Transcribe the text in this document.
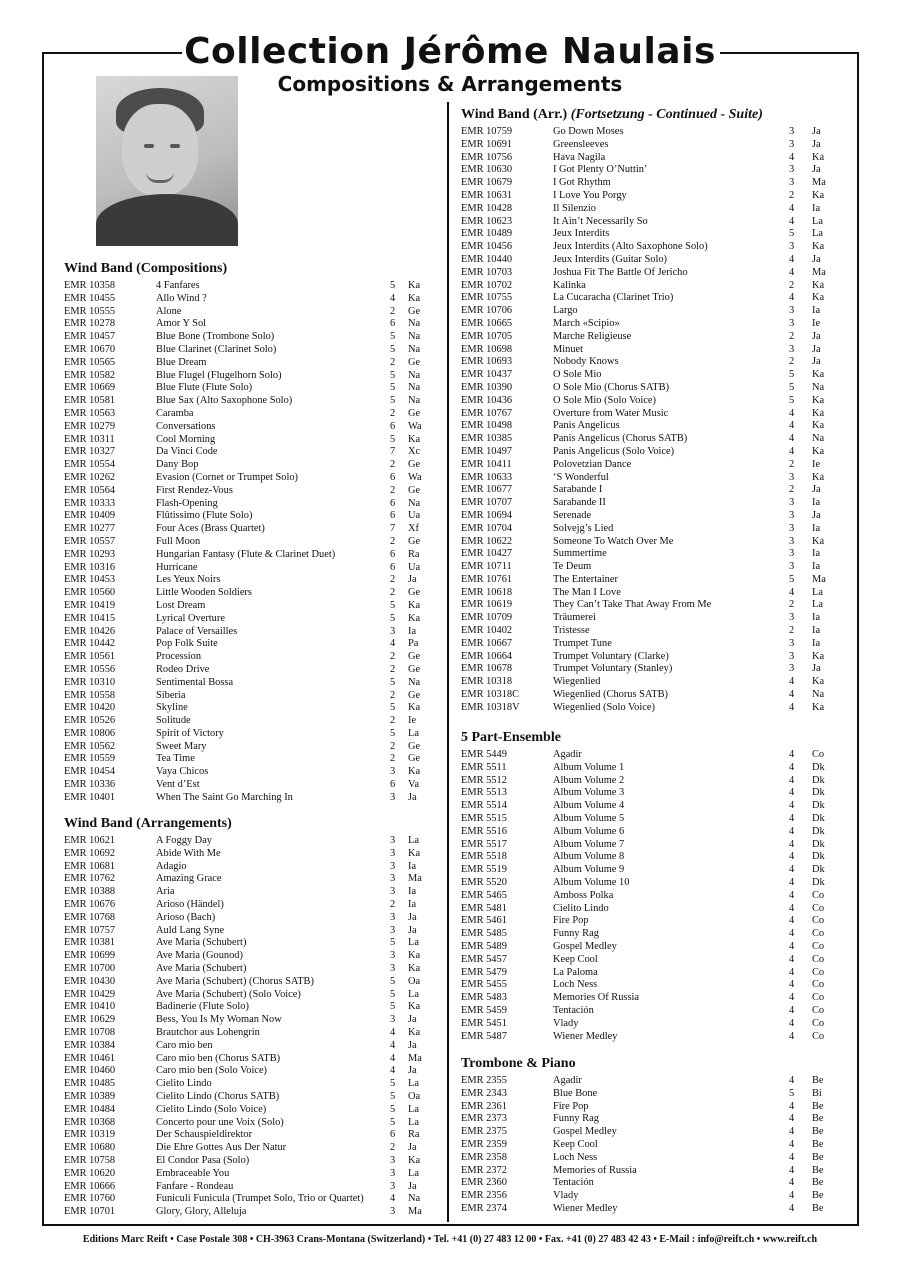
Collection Jérôme Naulais
Compositions & Arrangements
Wind Band (Compositions)
EMR 10358	4 Fanfares	5 Ka
EMR 10455	Allo Wind ?	4 Ka
EMR 10555	Alone	2 Ge
EMR 10278	Amor Y Sol	6 Na
EMR 10457	Blue Bone (Trombone Solo)	5 Na
EMR 10670	Blue Clarinet (Clarinet Solo)	5 Na
EMR 10565	Blue Dream	2 Ge
EMR 10582	Blue Flugel (Flugelhorn Solo)	5 Na
EMR 10669	Blue Flute (Flute Solo)	5 Na
EMR 10581	Blue Sax (Alto Saxophone Solo)	5 Na
EMR 10563	Caramba	2 Ge
EMR 10279	Conversations	6 Wa
EMR 10311	Cool Morning	5 Ka
EMR 10327	Da Vinci Code	7 Xc
EMR 10554	Dany Bop	2 Ge
EMR 10262	Evasion (Cornet or Trumpet Solo)	6 Wa
EMR 10564	First Rendez-Vous	2 Ge
EMR 10333	Flash-Opening	6 Na
EMR 10409	Flûtissimo (Flute Solo)	6 Ua
EMR 10277	Four Aces (Brass Quartet)	7 Xf
EMR 10557	Full Moon	2 Ge
EMR 10293	Hungarian Fantasy (Flute & Clarinet Duet)	6 Ra
EMR 10316	Hurricane	6 Ua
EMR 10453	Les Yeux Noirs	2 Ja
EMR 10560	Little Wooden Soldiers	2 Ge
EMR 10419	Lost Dream	5 Ka
EMR 10415	Lyrical Overture	5 Ka
EMR 10426	Palace of Versailles	3 Ia
EMR 10442	Pop Folk Suite	4 Pa
EMR 10561	Procession	2 Ge
EMR 10556	Rodeo Drive	2 Ge
EMR 10310	Sentimental Bossa	5 Na
EMR 10558	Siberia	2 Ge
EMR 10420	Skyline	5 Ka
EMR 10526	Solitude	2 Ie
EMR 10806	Spirit of Victory	5 La
EMR 10562	Sweet Mary	2 Ge
EMR 10559	Tea Time	2 Ge
EMR 10454	Vaya Chicos	3 Ka
EMR 10336	Vent d’Est	6 Va
EMR 10401	When The Saint Go Marching In	3 Ja
Wind Band (Arrangements)
EMR 10621	A Foggy Day	3 La
EMR 10692	Abide With Me	3 Ka
EMR 10681	Adagio	3 Ia
EMR 10762	Amazing Grace	3 Ma
EMR 10388	Aria	3 Ia
EMR 10676	Arioso (Händel)	2 Ia
EMR 10768	Arioso (Bach)	3 Ja
EMR 10757	Auld Lang Syne	3 Ja
EMR 10381	Ave Maria (Schubert)	5 La
EMR 10699	Ave Maria (Gounod)	3 Ka
EMR 10700	Ave Maria (Schubert)	3 Ka
EMR 10430	Ave Maria (Schubert) (Chorus SATB)	5 Oa
EMR 10429	Ave Maria (Schubert) (Solo Voice)	5 La
EMR 10410	Badinerie (Flute Solo)	5 Ka
EMR 10629	Bess, You Is My Woman Now	3 Ja
EMR 10708	Brautchor aus Lohengrin	4 Ka
EMR 10384	Caro mio ben	4 Ja
EMR 10461	Caro mio ben (Chorus SATB)	4 Ma
EMR 10460	Caro mio ben (Solo Voice)	4 Ja
EMR 10485	Cielito Lindo	5 La
EMR 10389	Cielito Lindo (Chorus SATB)	5 Oa
EMR 10484	Cielito Lindo (Solo Voice)	5 La
EMR 10368	Concerto pour une Voix (Solo)	5 La
EMR 10319	Der Schauspieldirektor	6 Ra
EMR 10680	Die Ehre Gottes Aus Der Natur	2 Ja
EMR 10758	El Condor Pasa (Solo)	3 Ka
EMR 10620	Embraceable You	3 La
EMR 10666	Fanfare - Rondeau	3 Ja
EMR 10760	Funiculi Funicula (Trumpet Solo, Trio or Quartet)	4 Na
EMR 10701	Glory, Glory, Alleluja	3 Ma
Wind Band (Arr.) (Fortsetzung - Continued - Suite)
EMR 10759	Go Down Moses	3 Ja
EMR 10691	Greensleeves	3 Ja
EMR 10756	Hava Nagila	4 Ka
EMR 10630	I Got Plenty O’Nuttin’	3 Ja
EMR 10679	I Got Rhythm	3 Ma
EMR 10631	I Love You Porgy	2 Ka
EMR 10428	Il Silenzio	4 Ia
EMR 10623	It Ain’t Necessarily So	4 La
EMR 10489	Jeux Interdits	5 La
EMR 10456	Jeux Interdits (Alto Saxophone Solo)	3 Ka
EMR 10440	Jeux Interdits (Guitar Solo)	4 Ja
EMR 10703	Joshua Fit The Battle Of Jericho	4 Ma
EMR 10702	Kalinka	2 Ka
EMR 10755	La Cucaracha (Clarinet Trio)	4 Ka
EMR 10706	Largo	3 Ia
EMR 10665	March «Scipio»	3 Ie
EMR 10705	Marche Religieuse	2 Ja
EMR 10698	Minuet	3 Ja
EMR 10693	Nobody Knows	2 Ja
EMR 10437	O Sole Mio	5 Ka
EMR 10390	O Sole Mio (Chorus SATB)	5 Na
EMR 10436	O Sole Mio (Solo Voice)	5 Ka
EMR 10767	Overture from Water Music	4 Ka
EMR 10498	Panis Angelicus	4 Ka
EMR 10385	Panis Angelicus (Chorus SATB)	4 Na
EMR 10497	Panis Angelicus (Solo Voice)	4 Ka
EMR 10411	Polovetzian Dance	2 Ie
EMR 10633	‘S Wonderful	3 Ka
EMR 10677	Sarabande I	2 Ja
EMR 10707	Sarabande II	3 Ia
EMR 10694	Serenade	3 Ja
EMR 10704	Solvejg’s Lied	3 Ia
EMR 10622	Someone To Watch Over Me	3 Ka
EMR 10427	Summertime	3 Ia
EMR 10711	Te Deum	3 Ia
EMR 10761	The Entertainer	5 Ma
EMR 10618	The Man I Love	4 La
EMR 10619	They Can’t Take That Away From Me	2 La
EMR 10709	Träumerei	3 Ia
EMR 10402	Tristesse	2 Ia
EMR 10667	Trumpet Tune	3 Ia
EMR 10664	Trumpet Voluntary (Clarke)	3 Ka
EMR 10678	Trumpet Voluntary (Stanley)	3 Ja
EMR 10318	Wiegenlied	4 Ka
EMR 10318C	Wiegenlied (Chorus SATB)	4 Na
EMR 10318V	Wiegenlied (Solo Voice)	4 Ka
5 Part-Ensemble
EMR 5449	Agadir	4 Co
EMR 5511	Album Volume 1	4 Dk
EMR 5512	Album Volume 2	4 Dk
EMR 5513	Album Volume 3	4 Dk
EMR 5514	Album Volume 4	4 Dk
EMR 5515	Album Volume 5	4 Dk
EMR 5516	Album Volume 6	4 Dk
EMR 5517	Album Volume 7	4 Dk
EMR 5518	Album Volume 8	4 Dk
EMR 5519	Album Volume 9	4 Dk
EMR 5520	Album Volume 10	4 Dk
EMR 5465	Amboss Polka	4 Co
EMR 5481	Cielito Lindo	4 Co
EMR 5461	Fire Pop	4 Co
EMR 5485	Funny Rag	4 Co
EMR 5489	Gospel Medley	4 Co
EMR 5457	Keep Cool	4 Co
EMR 5479	La Paloma	4 Co
EMR 5455	Loch Ness	4 Co
EMR 5483	Memories Of Russia	4 Co
EMR 5459	Tentación	4 Co
EMR 5451	Vlady	4 Co
EMR 5487	Wiener Medley	4 Co
Trombone & Piano
EMR 2355	Agadir	4 Be
EMR 2343	Blue Bone	5 Bi
EMR 2361	Fire Pop	4 Be
EMR 2373	Funny Rag	4 Be
EMR 2375	Gospel Medley	4 Be
EMR 2359	Keep Cool	4 Be
EMR 2358	Loch Ness	4 Be
EMR 2372	Memories of Russia	4 Be
EMR 2360	Tentación	4 Be
EMR 2356	Vlady	4 Be
EMR 2374	Wiener Medley	4 Be
Editions Marc Reift • Case Postale 308 • CH-3963 Crans-Montana (Switzerland) • Tel. +41 (0) 27 483 12 00 • Fax. +41 (0) 27 483 42 43 • E-Mail : info@reift.ch • www.reift.ch
